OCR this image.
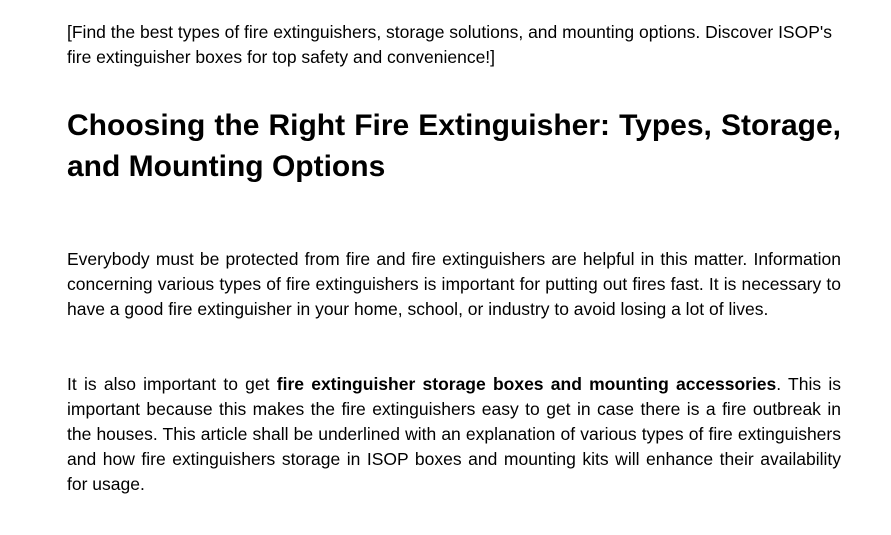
[Find the best types of fire extinguishers, storage solutions, and mounting options. Discover ISOP's fire extinguisher boxes for top safety and convenience!]

Choosing the Right Fire Extinguisher: Types, Storage, and Mounting Options

Everybody must be protected from fire and fire extinguishers are helpful in this matter. Information concerning various types of fire extinguishers is important for putting out fires fast. It is necessary to have a good fire extinguisher in your home, school, or industry to avoid losing a lot of lives.

It is also important to get fire extinguisher storage boxes and mounting accessories. This is important because this makes the fire extinguishers easy to get in case there is a fire outbreak in the houses. This article shall be underlined with an explanation of various types of fire extinguishers and how fire extinguishers storage in ISOP boxes and mounting kits will enhance their availability for usage.
